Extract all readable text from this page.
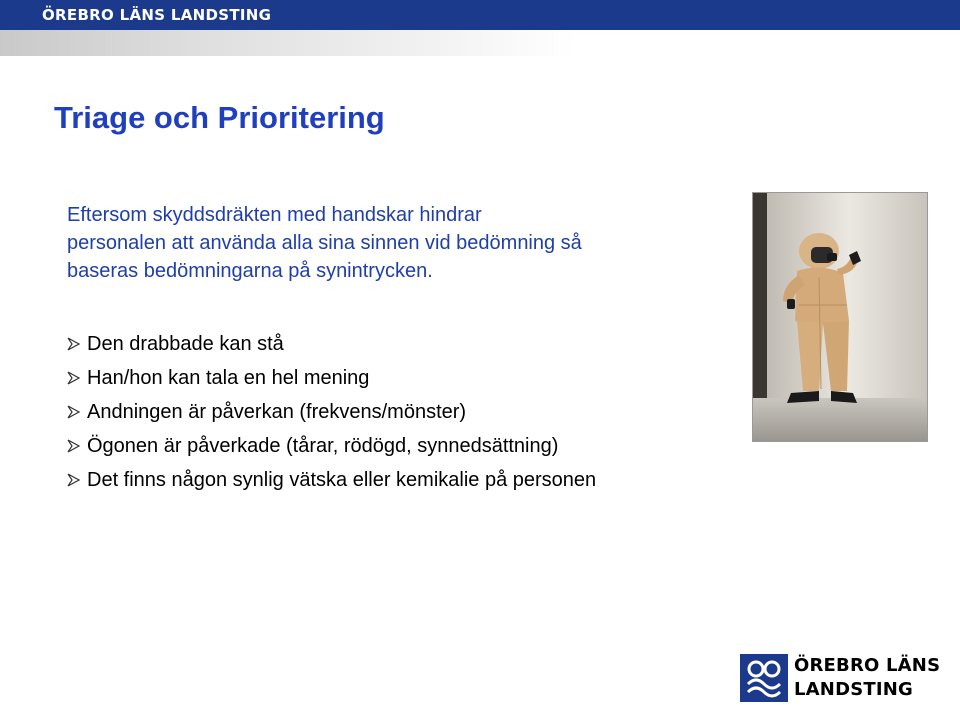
ÖREBRO LÄNS LANDSTING
Triage och Prioritering

Eftersom skyddsdräkten med handskar hindrar
personalen att använda alla sina sinnen vid bedömning så
baseras bedömningarna på synintrycken.

Den drabbade kan stå
Han/hon kan tala en hel mening
Andningen är påverkan (frekvens/mönster)
Ögonen är påverkade (tårar, rödögd, synnedsättning)
Det finns någon synlig vätska eller kemikalie på personen
ÖREBRO LÄNS
LANDSTING
